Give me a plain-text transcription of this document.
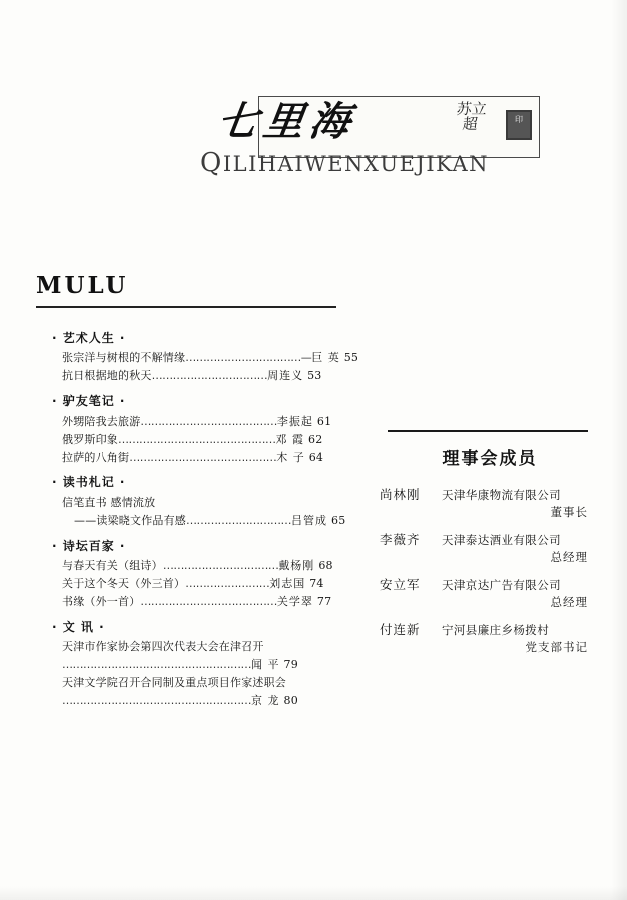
七里海	苏立超	印
QILIHAIWENXUEJIKAN
MULU
· 艺术人生 ·
张宗洋与树根的不解情缘……………………………—巨 英 55
抗日根据地的秋天……………………………周连义 53
· 驴友笔记 ·
外甥陪我去旅游…………………………………李振起 61
俄罗斯印象………………………………………邓 霞 62
拉萨的八角街……………………………………木 子 64
· 读书札记 ·
信笔直书 感情流放
——读梁晓文作品有感…………………………吕管成 65
· 诗坛百家 ·
与春天有关（组诗）……………………………戴杨刚 68
关于这个冬天（外三首）……………………刘志国 74
书缘（外一首）…………………………………关学翠 77
· 文 讯 ·
天津市作家协会第四次代表大会在津召开
………………………………………………闻 平 79
天津文学院召开合同制及重点项目作家述职会
………………………………………………京 龙 80
理事会成员
尚林刚	天津华康物流有限公司
董事长
李薇齐	天津泰达酒业有限公司
总经理
安立军	天津京达广告有限公司
总经理
付连新	宁河县廉庄乡杨拨村
党支部书记
